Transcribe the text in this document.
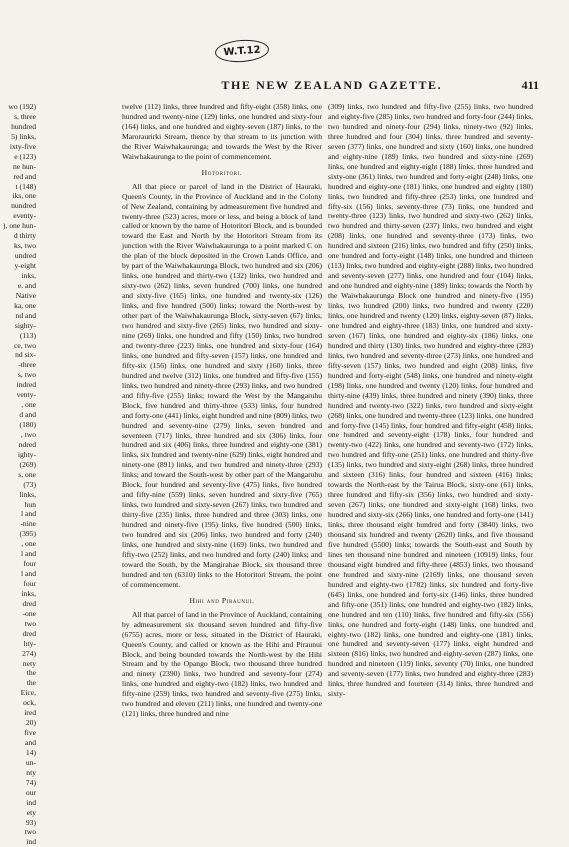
W.T.12
THE NEW ZEALAND GAZETTE.	411
wo (192)
s, three
hundred
5) links,
ixty-five
e (123)
ne hun-
red and
t (148)
iks, one
nundred
eventy-
), one hun-
d thirty
ks, two
undred
y-eight
inks,
e. and
Native
ka, one
nd and
sighty-
(113)
ce, two
nd six-
-three
s, two
indred
venty-
, one
d and
(180)
, two
ndred
ighty-
(269)
s, one
(73)
links,
hun
l and
-nine
(395)
, one
l and
four
l and
four
inks,
dred
-one
two
dred
hty-
274)
nety
the
the
Eice,
ock,
ired
20)
five
and
14)
un-
nty
74)
our
ind
ety
93)
two
ind

twelve (112) links, three hundred and fifty-eight (358) links, one hundred and twenty-nine (129) links, one hundred and sixty-four (164) links, and one hundred and eighty-seven (187) links, to the Maroraurirki Stream, thence by that stream to its junction with the River Waiwhakaurunga; and towards the West by the River Waiwhakaurunga to the point of commencement.

Hotoritori.

All that piece or parcel of land in the District of Hauraki, Queen's County, in the Province of Auckland and in the Colony of New Zealand, containing by admeasurement five hundred and twenty-three (523) acres, more or less, and being a block of land called or known by the name of Hotoritori Block, and is bounded toward the East and North by the Hotoritori Stream from its junction with the River Waiwhakaurunga to a point marked C on the plan of the block deposited in the Crown Lands Office, and by part of the Waiwhakaurunga Block, two hundred and six (206) links, one hundred and thirty-two (132) links, two hundred and sixty-two (262) links, seven hundred (700) links, one hundred and sixty-five (165) links, one hundred and twenty-six (126) links, and five hundred (500) links; toward the North-west by other part of the Waiwhakaurunga Block, sixty-seven (67) links, two hundred and sixty-five (265) links, two hundred and sixty-nine (269) links, one hundred and fifty (150) links, two hundred and twenty-three (223) links, one hundred and sixty-four (164) links, one hundred and fifty-seven (157) links, one hundred and fifty-six (156) links, one hundred and sixty (160) links, three hundred and twelve (312) links, one hundred and fifty-five (155) links, two hundred and ninety-three (293) links, and two hundred and fifty-five (255) links; toward the West by the Mangaruhu Block, five hundred and thirty-three (533) links, four hundred and forty-one (441) links, eight hundred and nine (809) links, two hundred and seventy-nine (279) links, seven hundred and seventeen (717) links, three hundred and six (306) links, four hundred and six (406) links, three hundred and eighty-one (381) links, six hundred and twenty-nine (629) links, eight hundred and ninety-one (891) links, and two hundred and ninety-three (293) links; and toward the South-west by other part of the Mangaruhu Block, four hundred and seventy-five (475) links, five hundred and fifty-nine (559) links, seven hundred and sixty-five (765) links, two hundred and sixty-seven (267) links, two hundred and thirty-five (235) links, three hundred and three (303) links, one hundred and ninety-five (195) links, five hundred (500) links, two hundred and six (206) links, two hundred and forty (240) links, one hundred and sixty-nine (169) links, two hundred and fifty-two (252) links, and two hundred and forty (240) links; and toward the South, by the Mangirahae Block, six thousand three hundred and ten (6310) links to the Hotoritori Stream, the point of commencement.

Hihi and Piraunui.

All that parcel of land in the Province of Auckland, containing by admeasurement six thousand seven hundred and fifty-five (6755) acres, more or less, situated in the District of Hauraki, Queen's County, and called or known as the Hihi and Piraunui Block, and being bounded towards the North-west by the Hihi Stream and by the Opango Block, two thousand three hundred and ninety (2390) links, two hundred and seventy-four (274) links, one hundred and eighty-two (182) links, two hundred and fifty-nine (259) links, two hundred and seventy-five (275) links, two hundred and eleven (211) links, one hundred and twenty-one (121) links, three hundred and nine

(309) links, two hundred and fifty-five (255) links, two hundred and eighty-five (285) links, two hundred and forty-four (244) links, two hundred and ninety-four (294) links, ninety-two (92) links, three hundred and four (304) links, three hundred and seventy-seven (377) links, one hundred and sixty (160) links, one hundred and eighty-nine (189) links, two hundred and sixty-nine (269) links, one hundred and eighty-eight (188) links, three hundred and sixty-one (361) links, two hundred and forty-eight (248) links, one hundred and eighty-one (181) links, one hundred and eighty (180) links, two hundred and fifty-three (253) links, one hundred and fifty-six (156) links, seventy-three (73) links, one hundred and twenty-three (123) links, two hundred and sixty-two (262) links, two hundred and thirty-seven (237) links, two hundred and eight (208) links, one hundred and seventy-three (173) links, two hundred and sixteen (216) links, two hundred and fifty (250) links, one hundred and forty-eight (148) links, one hundred and thirteen (113) links, two hundred and eighty-eight (288) links, two hundred and seventy-seven (277) links, one hundred and four (104) links, and one hundred and eighty-nine (189) links; towards the North by the Waiwhakaurunga Block one hundred and ninety-five (195) links, two hundred (200) links, two hundred and twenty (220) links, one hundred and twenty (120) links, eighty-seven (87) links, one hundred and eighty-three (183) links, one hundred and sixty-seven (167) links, one hundred and eighty-six (186) links, one hundred and thirty (130) links, two hundred and eighty-three (283) links, two hundred and seventy-three (273) links, one hundred and fifty-seven (157) links, two hundred and eight (208) links, five hundred and forty-eight (548) links, one hundred and ninety-eight (198) links, one hundred and twenty (120) links, four hundred and thirty-nine (439) links, three hundred and ninety (390) links, three hundred and twenty-two (322) links, two hundred and sixty-eight (268) links, one hundred and twenty-three (123) links, one hundred and forty-five (145) links, four hundred and fifty-eight (458) links, one hundred and seventy-eight (178) links, four hundred and twenty-two (422) links, one hundred and seventy-two (172) links, two hundred and fifty-one (251) links, one hundred and thirty-five (135) links, two hundred and sixty-eight (268) links, three hundred and sixteen (316) links, four hundred and sixteen (416) links; towards the North-east by the Tairua Block, sixty-one (61) links, three hundred and fifty-six (356) links, two hundred and sixty-seven (267) links, one hundred and sixty-eight (168) links, two hundred and sixty-six (266) links, one hundred and forty-one (141) links, three thousand eight hundred and forty (3840) links, two thousand six hundred and twenty (2620) links, and five thousand five hundred (5500) links; towards the South-east and South by lines ten thousand nine hundred and nineteen (10919) links, four thousand eight hundred and fifty-three (4853) links, two thousand one hundred and sixty-nine (2169) links, one thousand seven hundred and eighty-two (1782) links, six hundred and forty-five (645) links, one hundred and forty-six (146) links, three hundred and fifty-one (351) links, one hundred and eighty-two (182) links, one hundred and ten (110) links, five hundred and fifty-six (556) links, one hundred and forty-eight (148) links, one hundred and eighty-two (182) links, one hundred and eighty-one (181) links, one hundred and seventy-seven (177) links, eight hundred and sixteen (816) links, two hundred and eighty-seven (287) links, one hundred and nineteen (119) links, seventy (70) links, one hundred and seventy-seven (177) links, two hundred and eighty-three (283) links, three hundred and fourteen (314) links, three hundred and sixty-
